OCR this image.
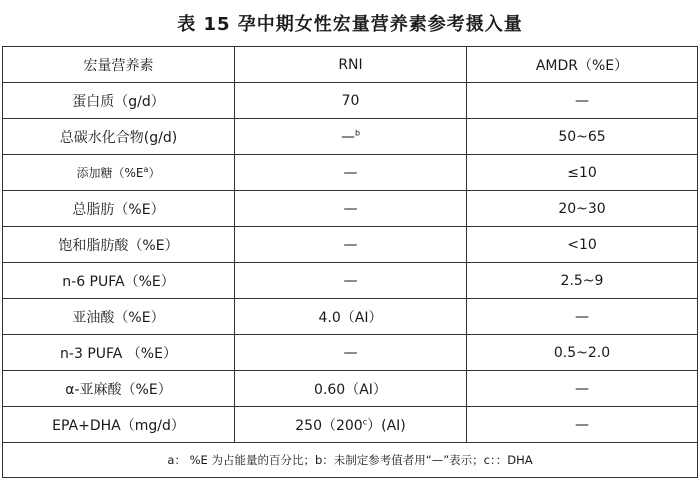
表 15 孕中期女性宏量营养素参考摄入量
宏量营养素	RNI	AMDR（%E）
蛋白质（g/d）	70	—
总碳水化合物(g/d)	—$^b$	50~65
添加糖$(\%E^a)$	—	≤10
总脂肪（%E）	—	20~30
饱和脂肪酸（%E）	—	<10
n-6 PUFA（%E）	—	2.5~9
亚油酸（%E）	4.0（AI）	—
n-3 PUFA （%E）	—	0.5~2.0
α-亚麻酸（%E）	0.60（AI）	—
EPA+DHA（mg/d）	250（200$^c$）(AI)	—
a： %E 为占能量的百分比；b：未制定参考值者用“—”表示；c：：DHA		
